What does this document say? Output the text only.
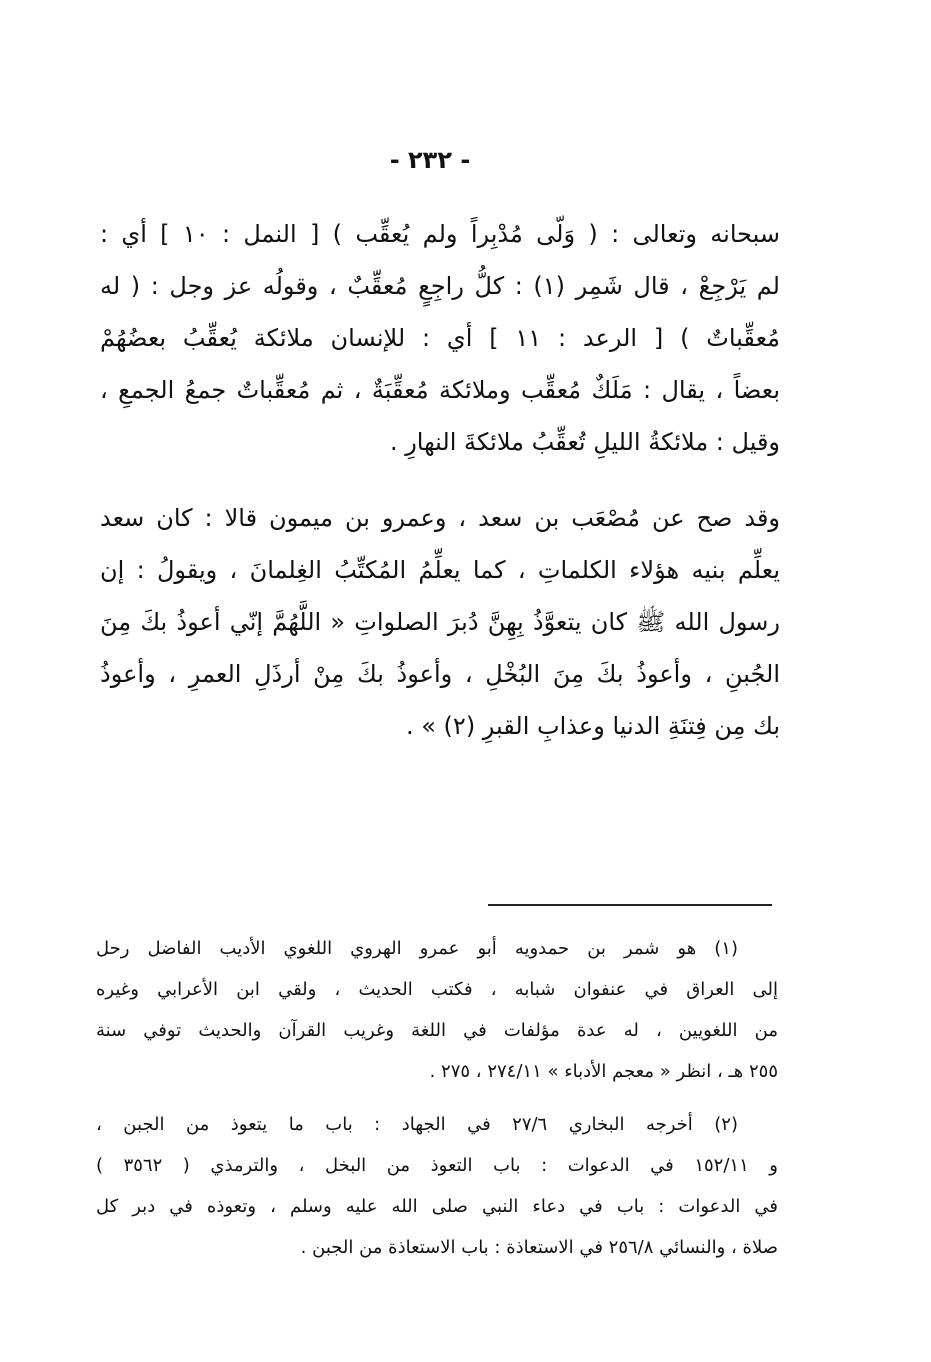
- ٢٣٢ -
سبحانه وتعالى : ( وَلّى مُدْبِراً ولم يُعقِّب ) [ النمل : ١٠ ] أي :
لم يَرْجِعْ ، قال شَمِر (١) : كلُّ راجِعٍ مُعقِّبٌ ، وقولُه عز وجل : ( له
مُعقِّباتٌ ) [ الرعد : ١١ ] أي : للإنسان ملائكة يُعقِّبُ بعضُهُمْ
بعضاً ، يقال : مَلَكٌ مُعقِّب وملائكة مُعقِّبَةٌ ، ثم مُعقِّباتٌ جمعُ الجمعِ ،
وقيل : ملائكةُ الليلِ تُعقِّبُ ملائكةَ النهارِ .
وقد صح عن مُصْعَب بن سعد ، وعمرو بن ميمون قالا : كان سعد
يعلِّم بنيه هؤلاء الكلماتِ ، كما يعلِّمُ المُكتِّبُ الغِلمانَ ، ويقولُ : إن
رسول الله ﷺ كان يتعوَّذُ بِهِنَّ دُبرَ الصلواتِ « اللَّهُمَّ إنّي أعوذُ بكَ مِنَ
الجُبنِ ، وأعوذُ بكَ مِنَ البُخْلِ ، وأعوذُ بكَ مِنْ أرذَلِ العمرِ ، وأعوذُ
بك مِن فِتنَةِ الدنيا وعذابِ القبرِ (٢) » .
(١) هو شمر بن حمدويه أبو عمرو الهروي اللغوي الأديب الفاضل رحل
إلى العراق في عنفوان شبابه ، فكتب الحديث ، ولقي ابن الأعرابي وغيره
من اللغويين ، له عدة مؤلفات في اللغة وغريب القرآن والحديث توفي سنة
٢٥٥ هـ ، انظر « معجم الأدباء » ٢٧٤/١١ ، ٢٧٥ .
(٢) أخرجه البخاري ٢٧/٦ في الجهاد : باب ما يتعوذ من الجبن ،
و ١٥٢/١١ في الدعوات : باب التعوذ من البخل ، والترمذي ( ٣٥٦٢ )
في الدعوات : باب في دعاء النبي صلى الله عليه وسلم ، وتعوذه في دبر كل
صلاة ، والنسائي ٢٥٦/٨ في الاستعاذة : باب الاستعاذة من الجبن .
